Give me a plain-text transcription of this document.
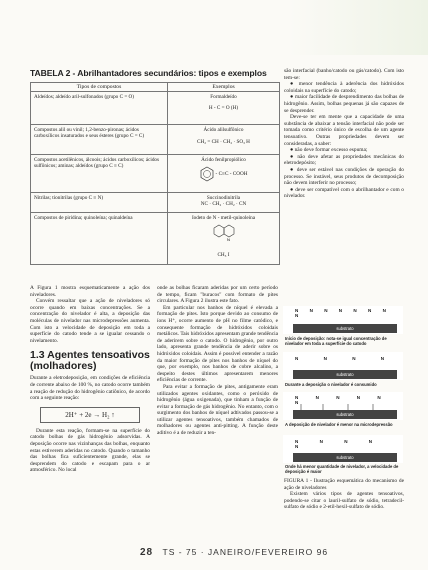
TABELA 2 - Abrilhantadores secundários: tipos e exemplos
Tipos de compostos	Exemplos
Aldeídos; aldeído aril-sulfonados (grupo C = O)	Formaldeído
H - C = O (H)

Compostos alil ou vinil; 1,2-benzo-pironas; ácidos carboxílicos insaturados e seus ésteres (grupo C = C)	Ácido alilsulfônico
CH₂ = CH · CH₂ · SO₃ H

Compostos acetilênicos, álcoois; ácidos carboxílicos; ácidos sulfônicos; aminas; aldeídos (grupo C ≡ C)	Ácido fenilpropiólico
- C≡C - COOH

Nitrilas; tionitrilas (grupo C ≡ N)	Succinodinitrila
NC · CH₂ · CH₂ · CN

Compostos de piridina; quinoleína; quinaldeína	Iodeto de N - metil-quinoleína
N
CH₃ I

A Figura 1 mostra esquematicamente a ação dos niveladores.

Convém ressaltar que a ação de niveladores só ocorre quando em baixas concentrações. Se a concentração do nivelador é alta, a deposição das moléculas de nivelador nas microdepressões aumenta. Com isto a velocidade de deposição em toda a superfície do catodo tende a se igualar cessando o nivelamento.

1.3 Agentes tensoativos (molhadores)

Durante a eletrodeposição, em condições de eficiência de corrente abaixo de 100 %, no catodo ocorre também a reação de redução do hidrogênio catiônico, de acordo com a seguinte reação:

2H⁺ + 2e → H₂ ↑

Durante esta reação, formam-se na superfície do catodo bolhas de gás hidrogênio adsorvidas. A deposição ocorre nas vizinhanças das bolhas, enquanto estas estiverem aderidas no catodo. Quando o tamanho das bolhas fica suficientemente grande, elas se desprendem do catodo e escapam para o ar atmosférico. No local

onde as bolhas ficaram aderidas por um certo período de tempo, ficam "buracos" com formato de pites circulares. A Figura 2 ilustra este fato.

Em particular nos banhos de níquel é elevada a formação de pites. Isto porque devido ao consumo de íons H⁺, ocorre aumento de pH no filme catódico, e consequente formação de hidróxidos coloidais metálicos. Tais hidróxidos apresentam grande tendência de aderirem sobre o catodo. O hidrogênio, por outro lado, apresenta grande tendência de aderir sobre os hidróxidos coloidais. Assim é possível entender a razão da maior formação de pites nos banhos de níquel do que, por exemplo, nos banhos de cobre alcalino, a despeito destes últimos apresentarem menores eficiências de corrente.

Para evitar a formação de pites, antigamente eram utilizados agentes oxidantes, como o peróxido de hidrogênio (água oxigenada), que tinham a função de evitar a formação de gás hidrogênio. No entanto, com o surgimento dos banhos de níquel adtivados passou-se a utilizar agentes tensoativos, também chamados de molhadores ou agentes anti-pitting. A função deste aditivo é a de reduzir a ten-

são interfacial (banho/catodo ou gás/catodo). Com isto tem-se:

● menor tendência à aderência dos hidróxidos coloidais na superfície do catodo;

● maior facilidade de desprendimento das bolhas de hidrogênio. Assim, bolhas pequenas já são capazes de se desprender.

Deve-se ter em mente que a capacidade de uma substância de abaixar a tensão interfacial não pode ser tomada como critério único de escolha de um agente tensoativo. Outras propriedades devem ser consideradas, a saber:

● não deve formar excesso espuma;

● não deve afetar as propriedades mecânicas do eletrodepósito;

● deve ser estável nas condições de operação do processo. Se instável, seus produtos de decomposição não devem interferir no processo;

● deve ser compatível com o abrilhantador e com o nivelador.

N N N N N N N N
substrato
Início de deposição: nota-se igual concentração de nivelador em toda a superfície do catodo
N N N N
substrato
Durante a deposição o nivelador é consumido
N N N N N N
substrato
A deposição de nivelador é menor na microdepressão
N N N N N
substrato
Onde há menor quantidade de nivelador, a velocidade de deposição é maior

FIGURA 1 - Ilustração esquemática do mecanismo de ação de niveladores

Existem vários tipos de agentes tensoativos, podendo-se citar o lauril-sulfato de sódio, tetradecil-sulfato de sódio e 2-etil-hexil-sulfato de sódio.

28 TS - 75 · JANEIRO/FEVEREIRO 96
